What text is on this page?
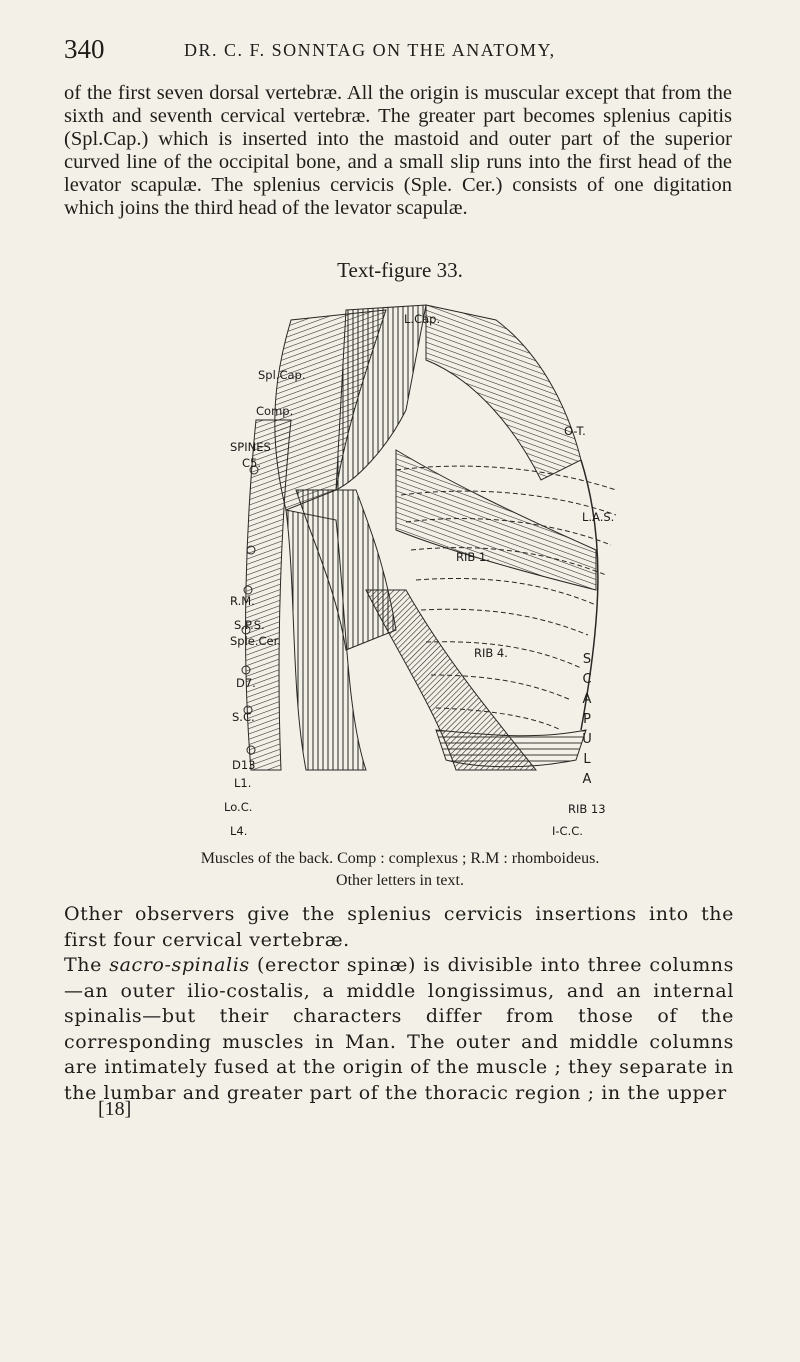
340	DR. C. F. SONNTAG ON THE ANATOMY,

of the first seven dorsal vertebræ. All the origin is muscular except that from the sixth and seventh cervical vertebræ. The greater part becomes splenius capitis (Spl.Cap.) which is inserted into the mastoid and outer part of the superior curved line of the occipital bone, and a small slip runs into the first head of the levator scapulæ. The splenius cervicis (Sple. Cer.) consists of one digitation which joins the third head of the levator scapulæ.

Text-figure 33.
L.Cap.
Spl.Cap.
Comp.
O-T.
SPINES
C5.
L.A.S.
RIB 1.
R.M.
S.P.S.
Sple.Cer.
RIB 4.
D7.
S.C.
D13
L1.
Lo.C.	RIB 13
L4.	I-C.C.
S
C
A
P
U
L
A
Muscles of the back. Comp : complexus ; R.M : rhomboideus.
Other letters in text.

Other observers give the splenius cervicis insertions into the first four cervical vertebræ.

The sacro-spinalis (erector spinæ) is divisible into three columns —an outer ilio-costalis, a middle longissimus, and an internal spinalis—but their characters differ from those of the corresponding muscles in Man. The outer and middle columns are intimately fused at the origin of the muscle ; they separate in the lumbar and greater part of the thoracic region ; in the upper

[18]
